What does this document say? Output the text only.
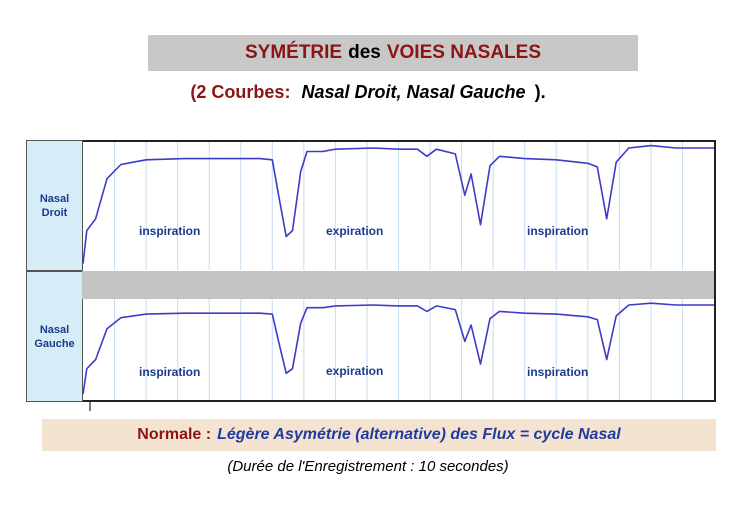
SYMÉTRIE des VOIES NASALES
(2 Courbes: Nasal Droit, Nasal Gauche ).
Nasal
Droit
Nasal
Gauche
inspiration	expiration	inspiration
inspiration	expiration	inspiration
Normale : Légère Asymétrie (alternative) des Flux = cycle Nasal
(Durée de l'Enregistrement : 10 secondes)
